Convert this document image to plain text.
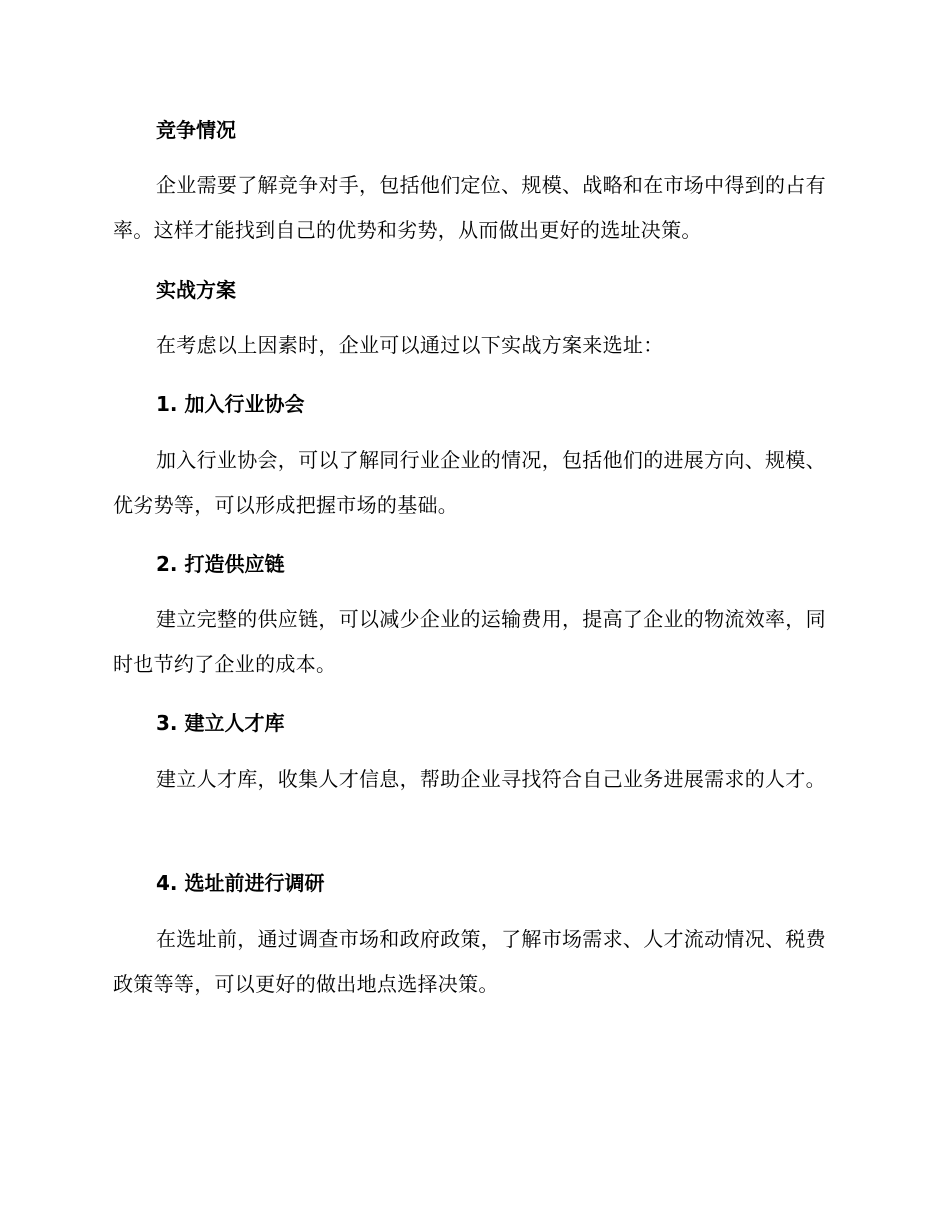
竞争情况
企业需要了解竞争对手，包括他们定位、规模、战略和在市场中得到的占有率。这样才能找到自己的优势和劣势，从而做出更好的选址决策。
实战方案
在考虑以上因素时，企业可以通过以下实战方案来选址：
1. 加入行业协会
加入行业协会，可以了解同行业企业的情况，包括他们的进展方向、规模、优劣势等，可以形成把握市场的基础。
2. 打造供应链
建立完整的供应链，可以减少企业的运输费用，提高了企业的物流效率，同时也节约了企业的成本。
3. 建立人才库
建立人才库，收集人才信息，帮助企业寻找符合自己业务进展需求的人才。
4. 选址前进行调研
在选址前，通过调查市场和政府政策，了解市场需求、人才流动情况、税费政策等等，可以更好的做出地点选择决策。
